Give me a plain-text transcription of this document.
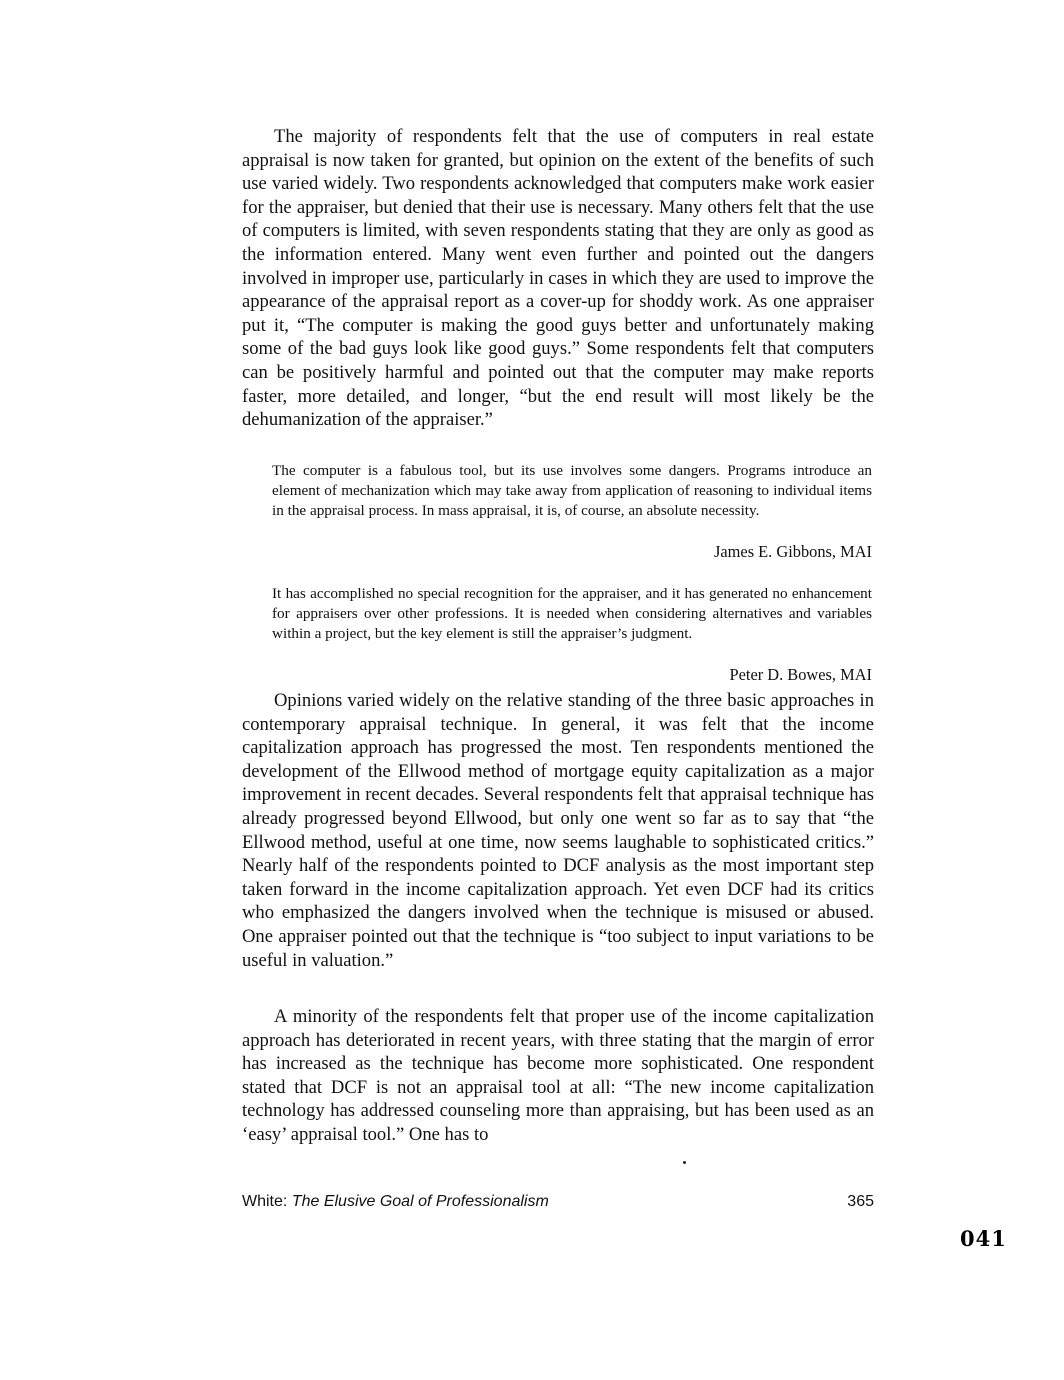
The majority of respondents felt that the use of computers in real estate appraisal is now taken for granted, but opinion on the extent of the benefits of such use varied widely. Two respondents acknowledged that computers make work easier for the appraiser, but denied that their use is necessary. Many others felt that the use of computers is limited, with seven respondents stating that they are only as good as the information entered. Many went even further and pointed out the dangers involved in improper use, particularly in cases in which they are used to improve the appearance of the appraisal report as a cover-up for shoddy work. As one appraiser put it, “The computer is making the good guys better and unfortunately making some of the bad guys look like good guys.” Some respondents felt that computers can be positively harmful and pointed out that the computer may make reports faster, more detailed, and longer, “but the end result will most likely be the dehumanization of the appraiser.”

The computer is a fabulous tool, but its use involves some dangers. Programs introduce an element of mechanization which may take away from application of reasoning to individual items in the appraisal process. In mass appraisal, it is, of course, an absolute necessity.

James E. Gibbons, MAI

It has accomplished no special recognition for the appraiser, and it has generated no enhancement for appraisers over other professions. It is needed when considering alternatives and variables within a project, but the key element is still the appraiser’s judgment.

Peter D. Bowes, MAI

Opinions varied widely on the relative standing of the three basic approaches in contemporary appraisal technique. In general, it was felt that the income capitalization approach has progressed the most. Ten respondents mentioned the development of the Ellwood method of mortgage equity capitalization as a major improvement in recent decades. Several respondents felt that appraisal technique has already progressed beyond Ellwood, but only one went so far as to say that “the Ellwood method, useful at one time, now seems laughable to sophisticated critics.” Nearly half of the respondents pointed to DCF analysis as the most important step taken forward in the income capitalization approach. Yet even DCF had its critics who emphasized the dangers involved when the technique is misused or abused. One appraiser pointed out that the technique is “too subject to input variations to be useful in valuation.”

A minority of the respondents felt that proper use of the income capitalization approach has deteriorated in recent years, with three stating that the margin of error has increased as the technique has become more sophisticated. One respondent stated that DCF is not an appraisal tool at all: “The new income capitalization technology has addressed counseling more than appraising, but has been used as an ‘easy’ appraisal tool.” One has to

White: The Elusive Goal of Professionalism	365
041
